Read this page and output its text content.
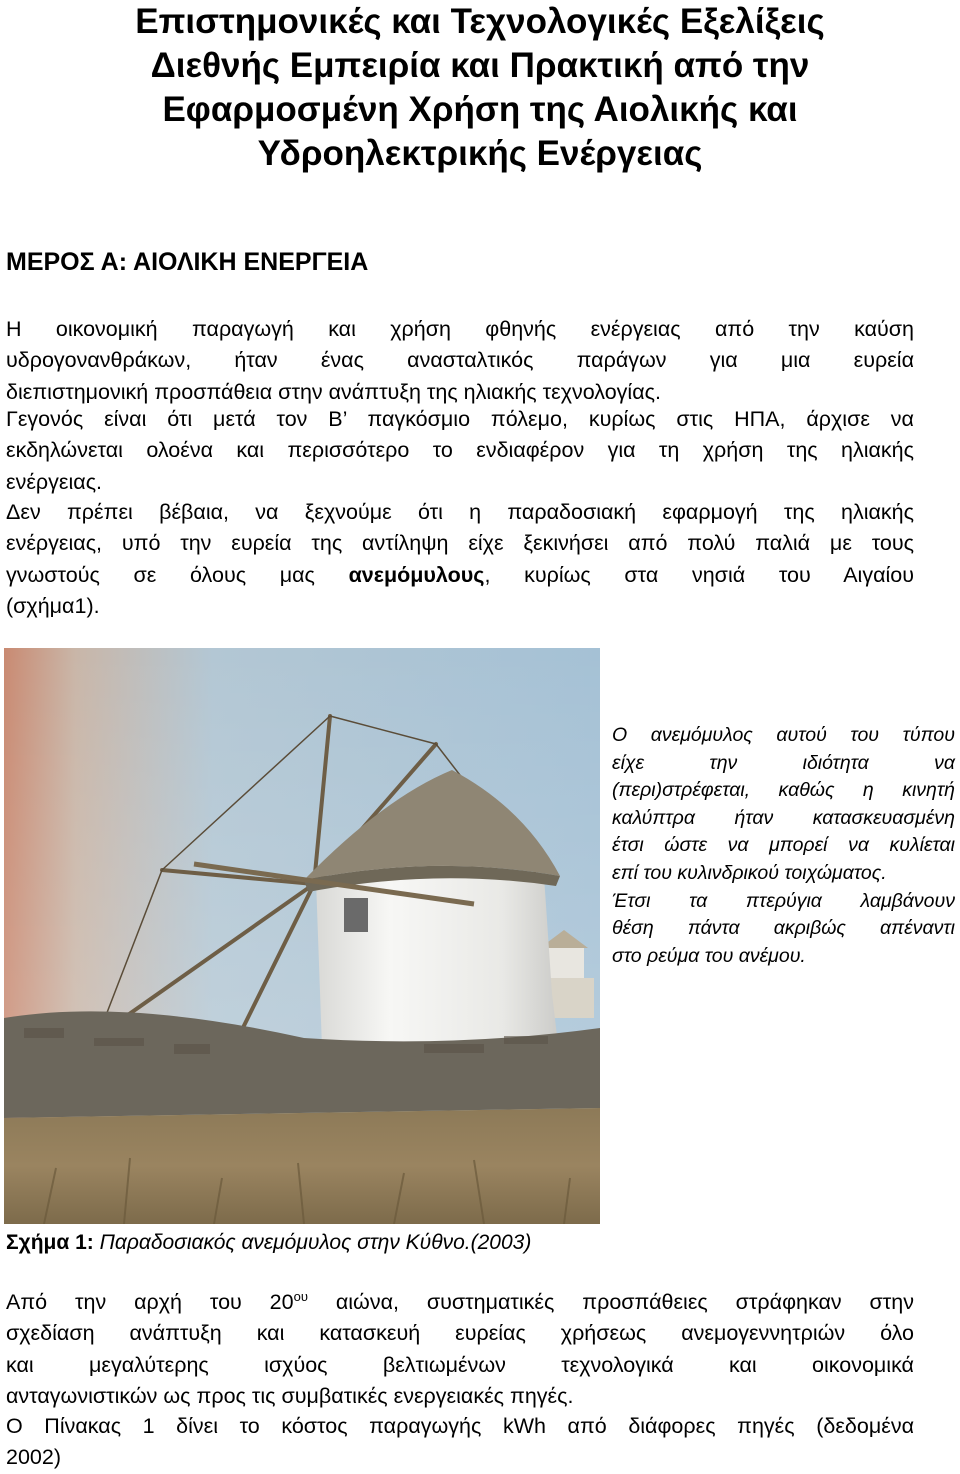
Επιστημονικές και Τεχνολογικές Εξελίξεις
Διεθνής Εμπειρία και Πρακτική από την
Εφαρμοσμένη Χρήση της Αιολικής και
Υδροηλεκτρικής Ενέργειας
ΜΕΡΟΣ Α: ΑΙΟΛΙΚΗ ΕΝΕΡΓΕΙΑ

Η οικονομική παραγωγή και χρήση φθηνής ενέργειας από την καύση
υδρογονανθράκων, ήταν ένας ανασταλτικός παράγων για μια ευρεία
διεπιστημονική προσπάθεια στην ανάπτυξη της ηλιακής τεχνολογίας.

Γεγονός είναι ότι μετά τον Β’ παγκόσμιο πόλεμο, κυρίως στις ΗΠΑ, άρχισε να
εκδηλώνεται ολοένα και περισσότερο το ενδιαφέρον για τη χρήση της ηλιακής
ενέργειας.

Δεν πρέπει βέβαια, να ξεχνούμε ότι η παραδοσιακή εφαρμογή της ηλιακής
ενέργειας, υπό την ευρεία της αντίληψη είχε ξεκινήσει από πολύ παλιά με τους
γνωστούς σε όλους μας ανεμόμυλους, κυρίως στα νησιά του Αιγαίου
(σχήμα1).

Ο ανεμόμυλος αυτού του τύπου
είχε την ιδιότητα να
(περι)στρέφεται, καθώς η κινητή
καλύπτρα ήταν κατασκευασμένη
έτσι ώστε να μπορεί να κυλίεται
επί του κυλινδρικού τοιχώματος.
Έτσι τα πτερύγια λαμβάνουν
θέση πάντα ακριβώς απέναντι
στο ρεύμα του ανέμου.

Σχήμα 1: Παραδοσιακός ανεμόμυλος στην Κύθνο.(2003)

Από την αρχή του $20^{o\upsilon}$ αιώνα, συστηματικές προσπάθειες στράφηκαν στην
σχεδίαση ανάπτυξη και κατασκευή ευρείας χρήσεως ανεμογεννητριών όλο
και μεγαλύτερης ισχύος βελτιωμένων τεχνολογικά και οικονομικά
ανταγωνιστικών ως προς τις συμβατικές ενεργειακές πηγές.

Ο Πίνακας 1 δίνει το κόστος παραγωγής kWh από διάφορες πηγές (δεδομένα
2002)
